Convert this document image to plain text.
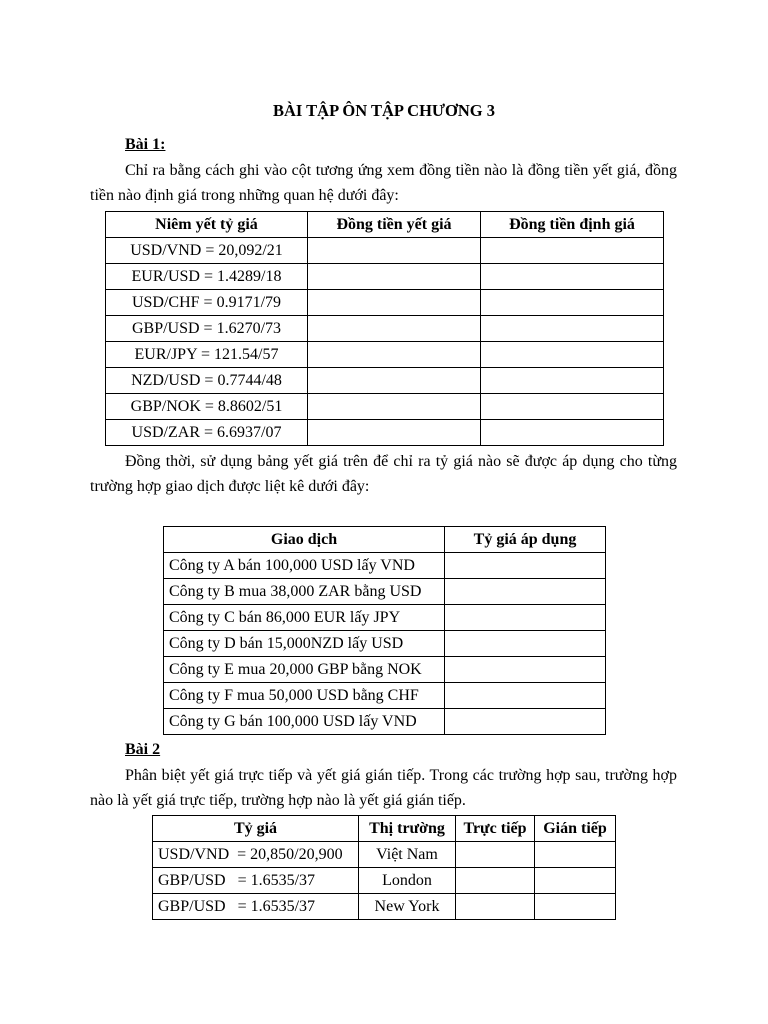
BÀI TẬP ÔN TẬP CHƯƠNG 3
Bài 1:

Chỉ ra bằng cách ghi vào cột tương ứng xem đồng tiền nào là đồng tiền yết giá, đồng tiền nào định giá trong những quan hệ dưới đây:

Niêm yết tỷ giá	Đồng tiền yết giá	Đồng tiền định giá
USD/VND = 20,092/21		
EUR/USD = 1.4289/18		
USD/CHF = 0.9171/79		
GBP/USD = 1.6270/73		
EUR/JPY = 121.54/57		
NZD/USD = 0.7744/48		
GBP/NOK = 8.8602/51		
USD/ZAR = 6.6937/07		

Đồng thời, sử dụng bảng yết giá trên để chỉ ra tỷ giá nào sẽ được áp dụng cho từng trường hợp giao dịch được liệt kê dưới đây:

Giao dịch	Tỷ giá áp dụng
Công ty A bán 100,000 USD lấy VND	
Công ty B mua 38,000 ZAR bằng USD	
Công ty C bán 86,000 EUR lấy JPY	
Công ty D bán 15,000NZD lấy USD	
Công ty E mua 20,000 GBP bằng NOK	
Công ty F mua 50,000 USD bằng CHF	
Công ty G bán 100,000 USD lấy VND	
Bài 2

Phân biệt yết giá trực tiếp và yết giá gián tiếp. Trong các trường hợp sau, trường hợp nào là yết giá trực tiếp, trường hợp nào là yết giá gián tiếp.

Tỷ giá	Thị trường	Trực tiếp	Gián tiếp
USD/VND  = 20,850/20,900	Việt Nam		
GBP/USD   = 1.6535/37	London		
GBP/USD   = 1.6535/37	New York		
